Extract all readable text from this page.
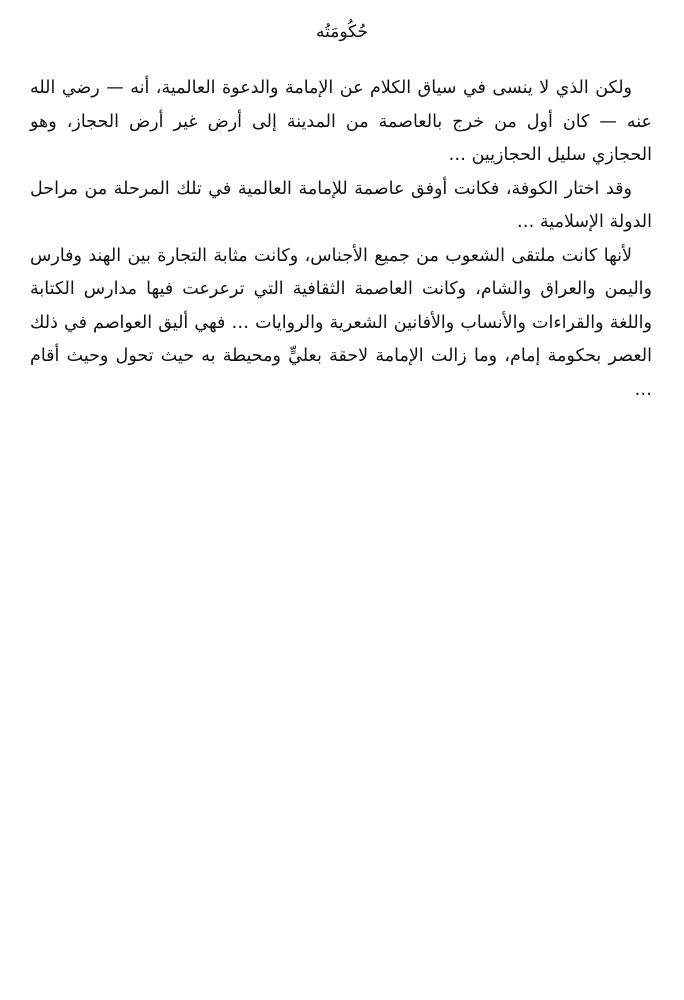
حُكُومَتُه

ولكن الذي لا ينسى في سياق الكلام عن الإمامة والدعوة العالمية، أنه — رضي الله عنه — كان أول من خرج بالعاصمة من المدينة إلى أرض غير أرض الحجاز، وهو الحجازي سليل الحجازيين …

وقد اختار الكوفة، فكانت أوفق عاصمة للإمامة العالمية في تلك المرحلة من مراحل الدولة الإسلامية …

لأنها كانت ملتقى الشعوب من جميع الأجناس، وكانت مثابة التجارة بين الهند وفارس واليمن والعراق والشام، وكانت العاصمة الثقافية التي ترعرعت فيها مدارس الكتابة واللغة والقراءات والأنساب والأفانين الشعرية والروايات … فهي أليق العواصم في ذلك العصر بحكومة إمام، وما زالت الإمامة لاحقة بعليٍّ ومحيطة به حيث تحول وحيث أقام …
